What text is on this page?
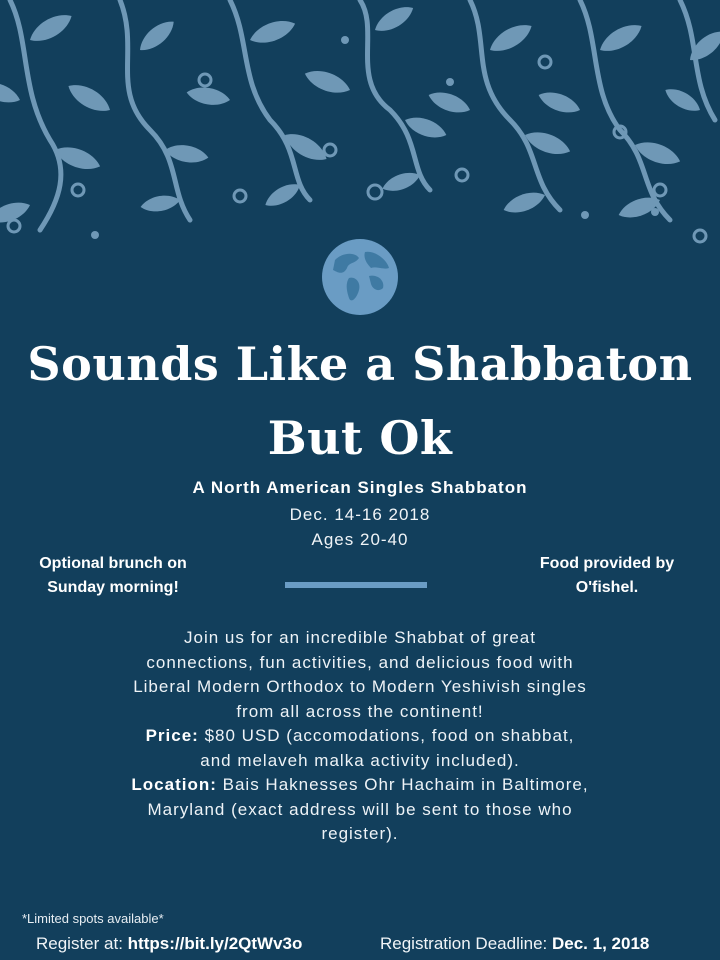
Sounds Like a Shabbaton
But Ok
A North American Singles Shabbaton
Dec. 14-16 2018
Ages 20-40
Optional brunch on
Sunday morning!
Food provided by
O'fishel.
Join us for an incredible Shabbat of great connections, fun activities, and delicious food with Liberal Modern Orthodox to Modern Yeshivish singles from all across the continent!
Price: $80 USD (accomodations, food on shabbat, and melaveh malka activity included).
Location: Bais Haknesses Ohr Hachaim in Baltimore, Maryland (exact address will be sent to those who register).
*Limited spots available*
Register at: https://bit.ly/2QtWv3o	Registration Deadline: Dec. 1, 2018
